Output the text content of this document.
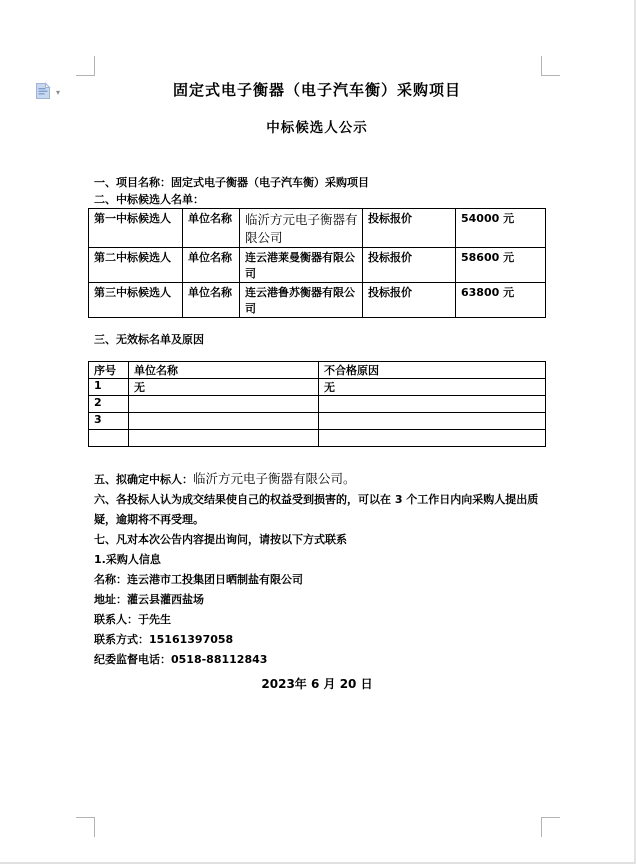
▾	固定式电子衡器（电子汽车衡）采购项目
中标候选人公示
一、项目名称：固定式电子衡器（电子汽车衡）采购项目
二、中标候选人名单：
第一中标候选人	单位名称	临沂方元电子衡器有限公司	投标报价	54000 元
第二中标候选人	单位名称	连云港莱曼衡器有限公司	投标报价	58600 元
第三中标候选人	单位名称	连云港鲁苏衡器有限公司	投标报价	63800 元
三、无效标名单及原因
序号	单位名称	不合格原因
1	无	无
2		
3		

五、拟确定中标人：临沂方元电子衡器有限公司。
六、各投标人认为成交结果使自己的权益受到损害的，可以在 3 个工作日内向采购人提出质疑，逾期将不再受理。
七、凡对本次公告内容提出询问，请按以下方式联系
1.采购人信息
名称：连云港市工投集团日晒制盐有限公司
地址：灌云县灌西盐场
联系人：于先生
联系方式：15161397058
纪委监督电话：0518-88112843
2023年 6 月 20 日
